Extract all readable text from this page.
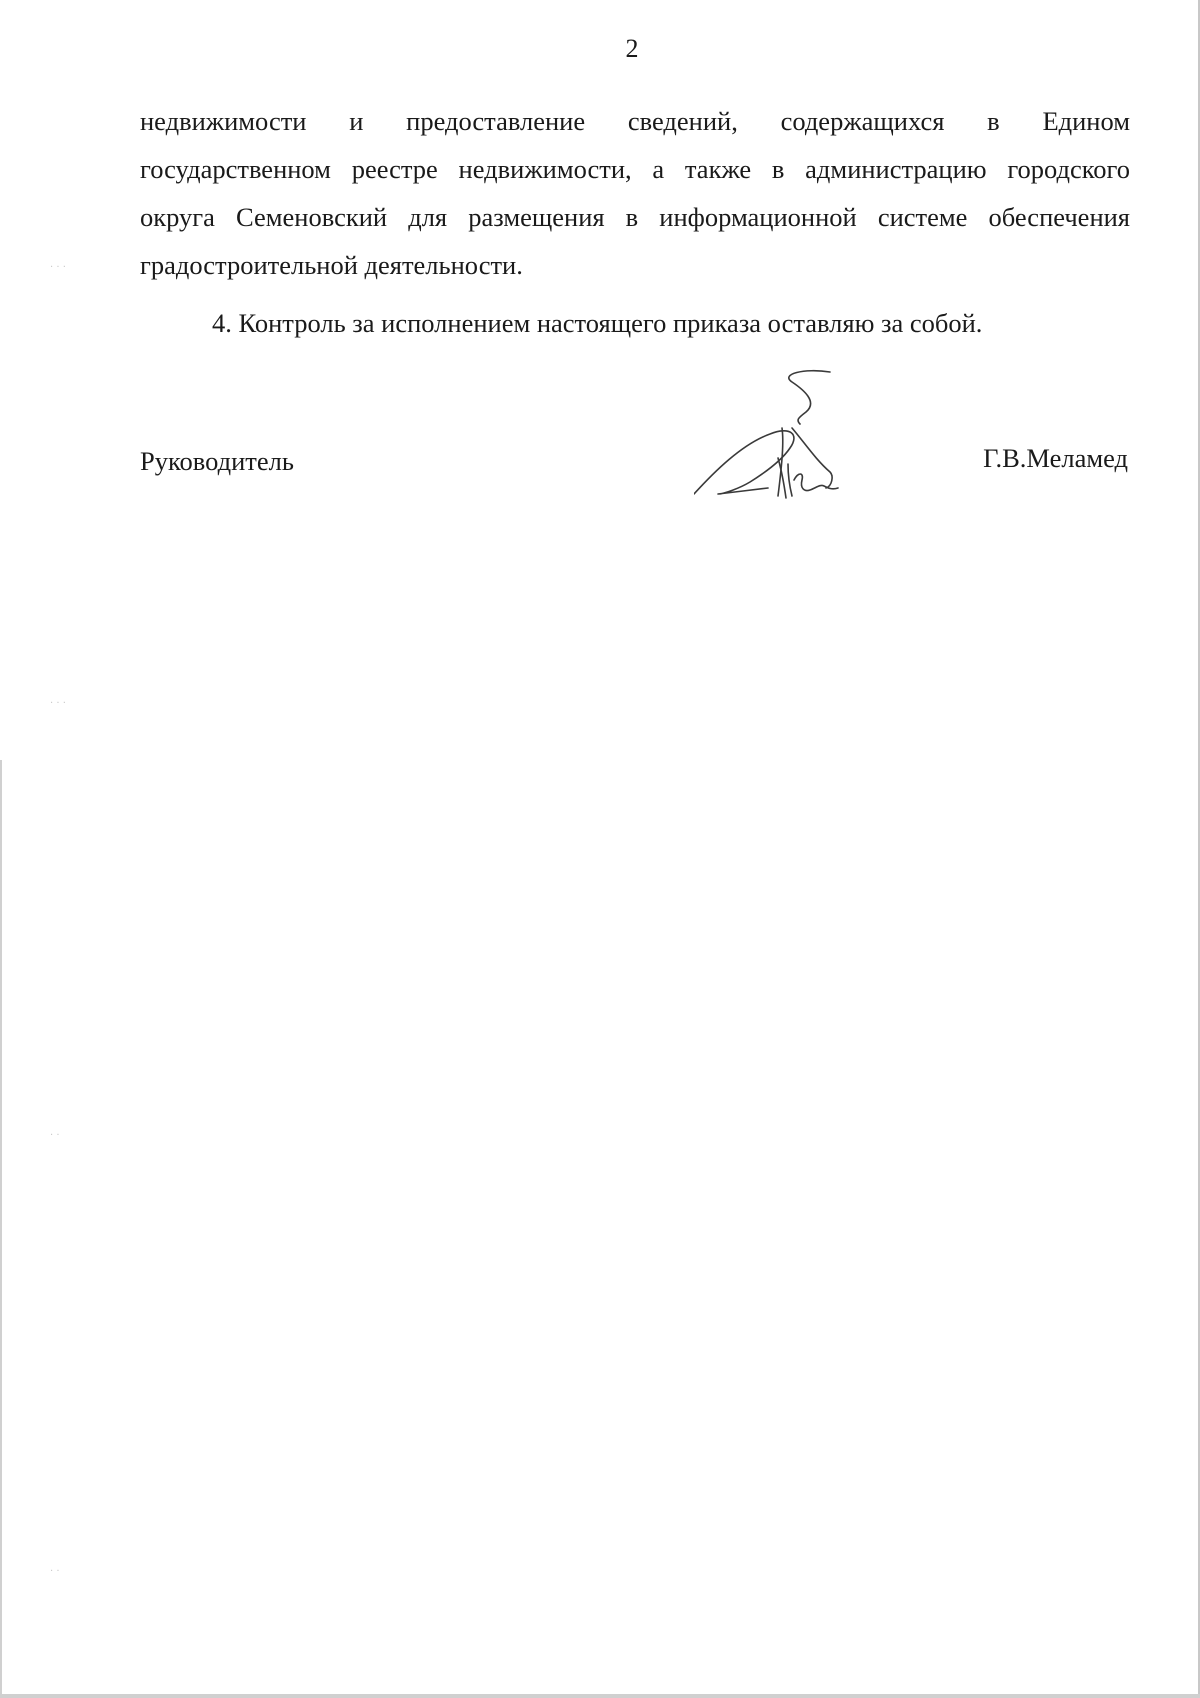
2

недвижимости и предоставление сведений, содержащихся в Едином
государственном реестре недвижимости, а также в администрацию городского
округа Семеновский для размещения в информационной системе обеспечения
градостроительной деятельности.

4. Контроль за исполнением настоящего приказа оставляю за собой.

Руководитель	Г.В.Меламед
· · ·
· · ·
· ·
· ·
